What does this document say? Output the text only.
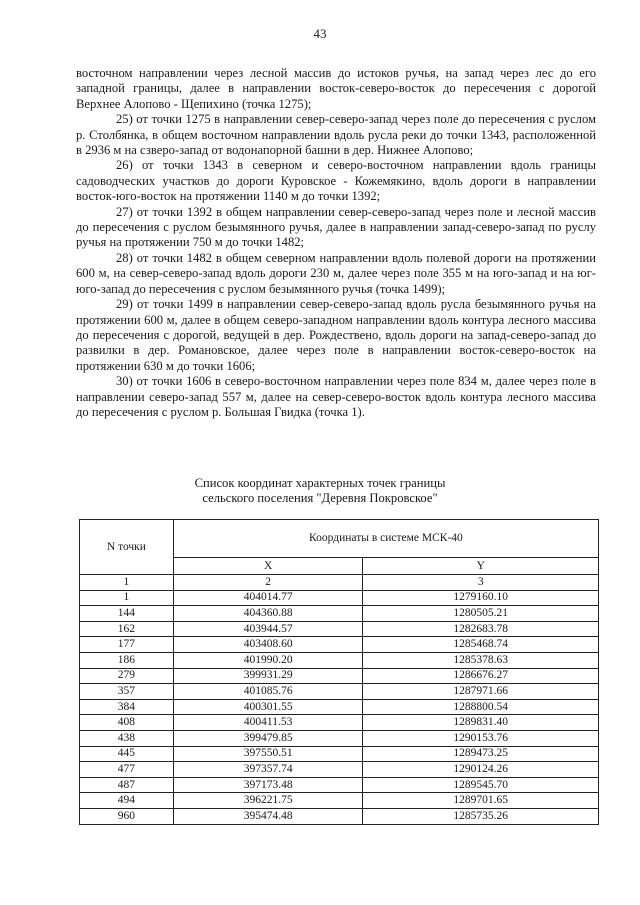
43

восточном направлении через лесной массив до истоков ручья, на запад через лес до его западной границы, далее в направлении восток-северо-восток до пересечения с дорогой Верхнее Алопово - Щепихино (точка 1275);

25) от точки 1275 в направлении север-северо-запад через поле до пересечения с руслом р. Столбянка, в общем восточном направлении вдоль русла реки до точки 1343, расположенной в 2936 м на сзверо-запад от водонапорной башни в дер. Нижнее Алопово;

26) от точки 1343 в северном и северо-восточном направлении вдоль границы садоводческих участков до дороги Куровское - Кожемякино, вдоль дороги в направлении восток-юго-восток на протяжении 1140 м до точки 1392;

27) от точки 1392 в общем направлении север-северо-запад через поле и лесной массив до пересечения с руслом безымянного ручья, далее в направлении запад-северо-запад по руслу ручья на протяжении 750 м до точки 1482;

28) от точки 1482 в общем северном направлении вдоль полевой дороги на протяжении 600 м, на север-северо-запад вдоль дороги 230 м, далее через поле 355 м на юго-запад и на юг-юго-запад до пересечения с руслом безымянного ручья (точка 1499);

29) от точки 1499 в направлении север-северо-запад вдоль русла безымянного ручья на протяжении 600 м, далее в общем северо-западном направлении вдоль контура лесного массива до пересечения с дорогой, ведущей в дер. Рождествено, вдоль дороги на запад-северо-запад до развилки в дер. Романовское, далее через поле в направлении восток-северо-восток на протяжении 630 м до точки 1606;

30) от точки 1606 в северо-восточном направлении через поле 834 м, далее через поле в направлении северо-запад 557 м, далее на север-северо-восток вдоль контура лесного массива до пересечения с руслом р. Большая Гвидка (точка 1).

Список координат характерных точек границы
сельского поселения "Деревня Покровское"
N точки	Координаты в системе МСК-40	
	X	Y
1	2	3
1	404014.77	1279160.10
144	404360.88	1280505.21
162	403944.57	1282683.78
177	403408.60	1285468.74
186	401990.20	1285378.63
279	399931.29	1286676.27
357	401085.76	1287971.66
384	400301.55	1288800.54
408	400411.53	1289831.40
438	399479.85	1290153.76
445	397550.51	1289473.25
477	397357.74	1290124.26
487	397173.48	1289545.70
494	396221.75	1289701.65
960	395474.48	1285735.26
